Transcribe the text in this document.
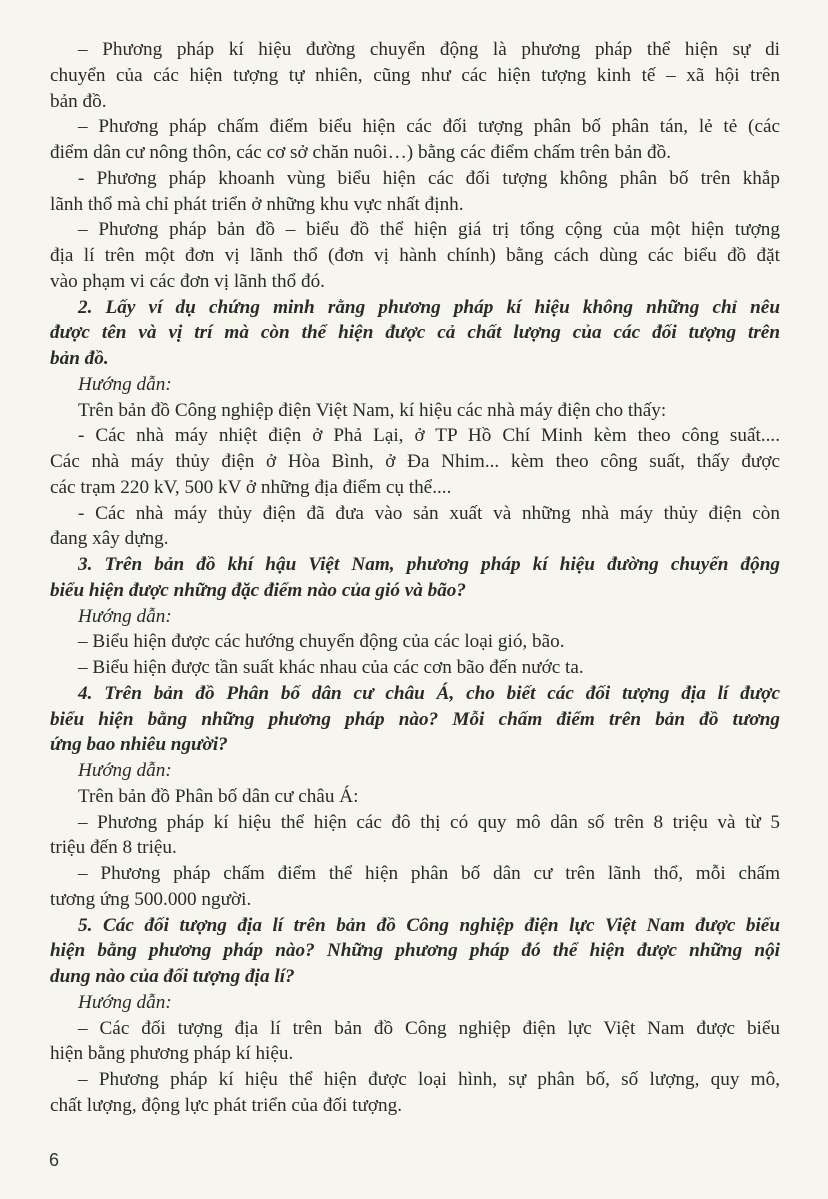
– Phương pháp kí hiệu đường chuyển động là phương pháp thể hiện sự di
chuyển của các hiện tượng tự nhiên, cũng như các hiện tượng kinh tế – xã hội trên
bản đồ.
– Phương pháp chấm điểm biểu hiện các đối tượng phân bố phân tán, lẻ tẻ (các
điểm dân cư nông thôn, các cơ sở chăn nuôi…) bằng các điểm chấm trên bản đồ.
- Phương pháp khoanh vùng biểu hiện các đối tượng không phân bố trên khắp
lãnh thổ mà chỉ phát triển ở những khu vực nhất định.
– Phương pháp bản đồ – biểu đồ thể hiện giá trị tổng cộng của một hiện tượng
địa lí trên một đơn vị lãnh thổ (đơn vị hành chính) bằng cách dùng các biểu đồ đặt
vào phạm vi các đơn vị lãnh thổ đó.
2. Lấy ví dụ chứng minh rằng phương pháp kí hiệu không những chỉ nêu
được tên và vị trí mà còn thể hiện được cả chất lượng của các đối tượng trên
bản đồ.
Hướng dẫn:
Trên bản đồ Công nghiệp điện Việt Nam, kí hiệu các nhà máy điện cho thấy:
- Các nhà máy nhiệt điện ở Phả Lại, ở TP Hồ Chí Minh kèm theo công suất....
Các nhà máy thủy điện ở Hòa Bình, ở Đa Nhim... kèm theo công suất, thấy được
các trạm 220 kV, 500 kV ở những địa điểm cụ thể....
- Các nhà máy thủy điện đã đưa vào sản xuất và những nhà máy thủy điện còn
đang xây dựng.
3. Trên bản đồ khí hậu Việt Nam, phương pháp kí hiệu đường chuyển động
biểu hiện được những đặc điểm nào của gió và bão?
Hướng dẫn:
– Biểu hiện được các hướng chuyển động của các loại gió, bão.
– Biểu hiện được tần suất khác nhau của các cơn bão đến nước ta.
4. Trên bản đồ Phân bố dân cư châu Á, cho biết các đối tượng địa lí được
biểu hiện bằng những phương pháp nào? Mỗi chấm điểm trên bản đồ tương
ứng bao nhiêu người?
Hướng dẫn:
Trên bản đồ Phân bố dân cư châu Á:
– Phương pháp kí hiệu thể hiện các đô thị có quy mô dân số trên 8 triệu và từ 5
triệu đến 8 triệu.
– Phương pháp chấm điểm thể hiện phân bố dân cư trên lãnh thổ, mỗi chấm
tương ứng 500.000 người.
5. Các đối tượng địa lí trên bản đồ Công nghiệp điện lực Việt Nam được biểu
hiện bằng phương pháp nào? Những phương pháp đó thể hiện được những nội
dung nào của đối tượng địa lí?
Hướng dẫn:
– Các đối tượng địa lí trên bản đồ Công nghiệp điện lực Việt Nam được biểu
hiện bằng phương pháp kí hiệu.
– Phương pháp kí hiệu thể hiện được loại hình, sự phân bố, số lượng, quy mô,
chất lượng, động lực phát triển của đối tượng.
6
